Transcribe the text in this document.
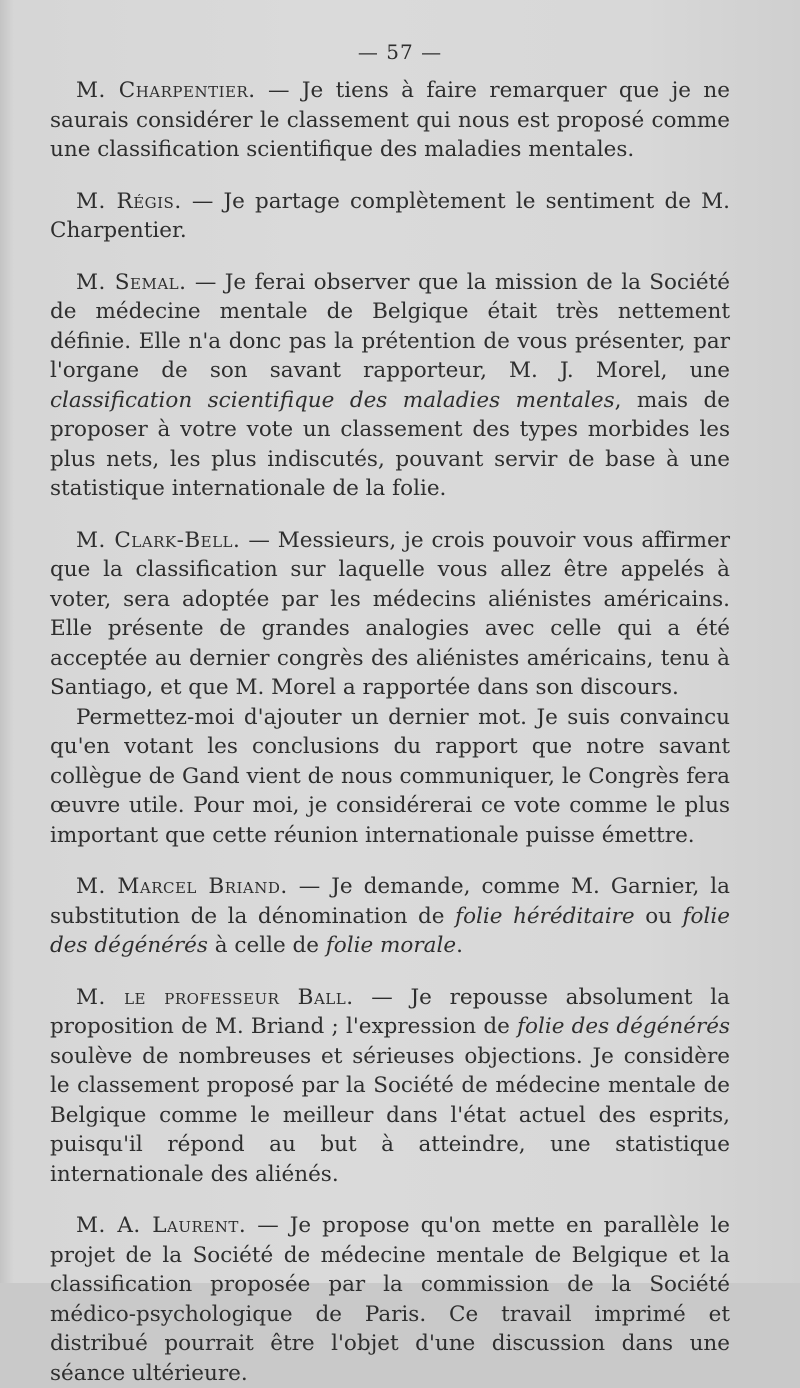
— 57 —

M. Charpentier. — Je tiens à faire remarquer que je ne saurais considérer le classement qui nous est proposé comme une classification scientifique des maladies mentales.

M. Régis. — Je partage complètement le sentiment de M. Charpentier.

M. Semal. — Je ferai observer que la mission de la Société de médecine mentale de Belgique était très nettement définie. Elle n'a donc pas la prétention de vous présenter, par l'organe de son savant rapporteur, M. J. Morel, une classification scientifique des maladies mentales, mais de proposer à votre vote un classement des types morbides les plus nets, les plus indiscutés, pouvant servir de base à une statistique internationale de la folie.

M. Clark-Bell. — Messieurs, je crois pouvoir vous affirmer que la classification sur laquelle vous allez être appelés à voter, sera adoptée par les médecins aliénistes américains. Elle présente de grandes analogies avec celle qui a été acceptée au dernier congrès des aliénistes américains, tenu à Santiago, et que M. Morel a rapportée dans son discours.

Permettez-moi d'ajouter un dernier mot. Je suis convaincu qu'en votant les conclusions du rapport que notre savant collègue de Gand vient de nous communiquer, le Congrès fera œuvre utile. Pour moi, je considérerai ce vote comme le plus important que cette réunion internationale puisse émettre.

M. Marcel Briand. — Je demande, comme M. Garnier, la substitution de la dénomination de folie héréditaire ou folie des dégénérés à celle de folie morale.

M. le professeur Ball. — Je repousse absolument la proposition de M. Briand ; l'expression de folie des dégénérés soulève de nombreuses et sérieuses objections. Je considère le classement proposé par la Société de médecine mentale de Belgique comme le meilleur dans l'état actuel des esprits, puisqu'il répond au but à atteindre, une statistique internationale des aliénés.

M. A. Laurent. — Je propose qu'on mette en parallèle le projet de la Société de médecine mentale de Belgique et la classification proposée par la commission de la Société médico-psychologique de Paris. Ce travail imprimé et distribué pourrait être l'objet d'une discussion dans une séance ultérieure.
